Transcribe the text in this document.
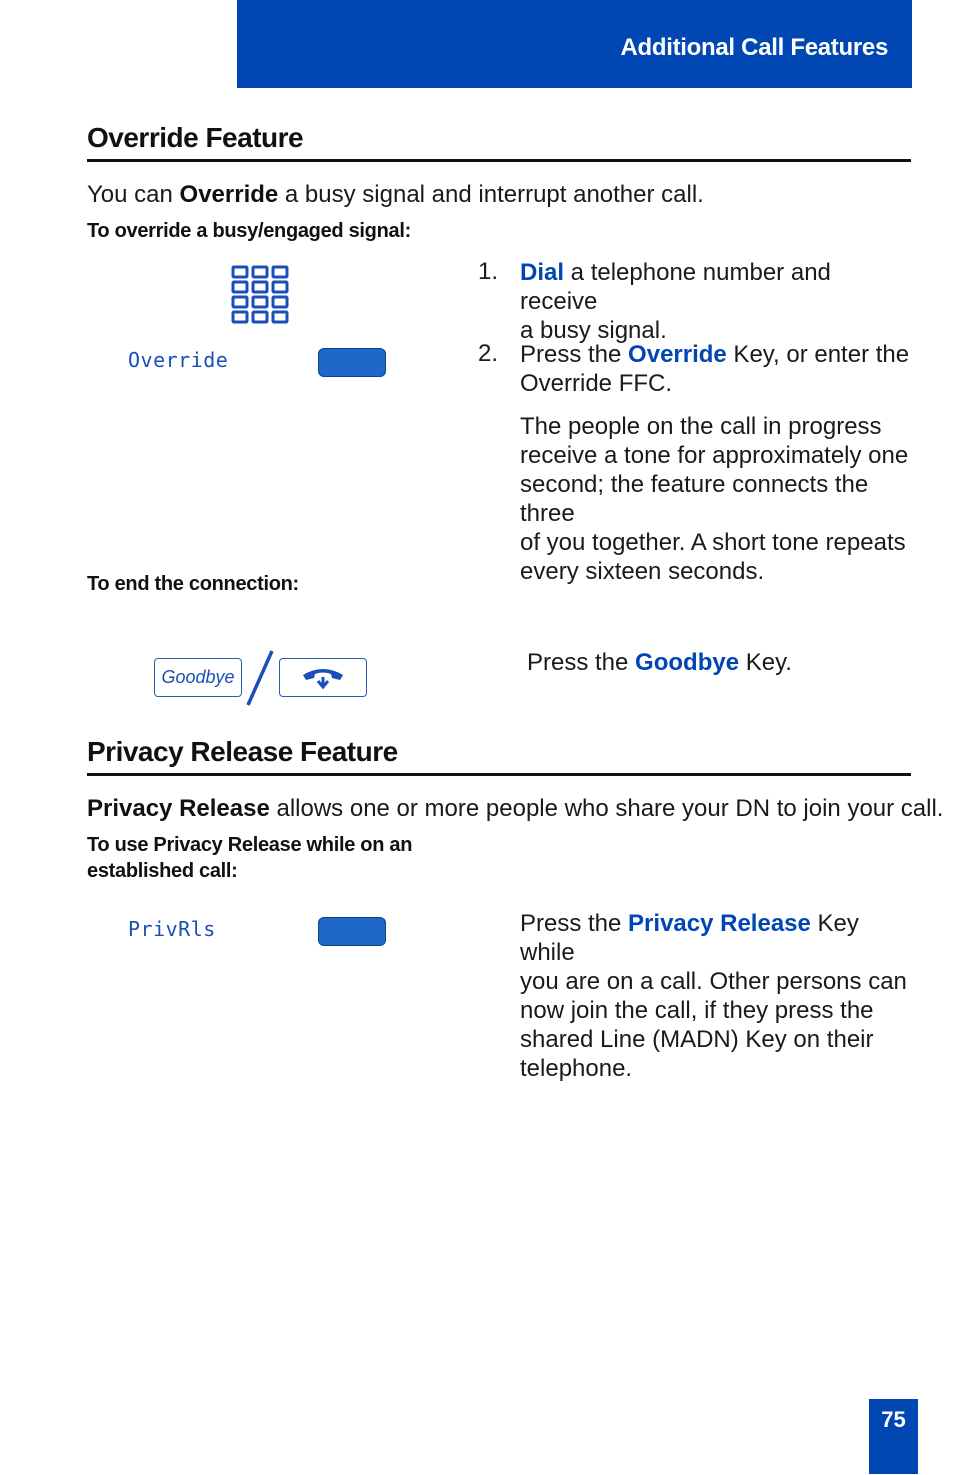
Additional Call Features
Override Feature
You can Override a busy signal and interrupt another call.
To override a busy/engaged signal:
Override
1. Dial a telephone number and receive
a busy signal.
2. Press the Override Key, or enter the
Override FFC.
The people on the call in progress
receive a tone for approximately one
second; the feature connects the three
of you together. A short tone repeats
every sixteen seconds.
To end the connection:
Goodbye
Press the Goodbye Key.
Privacy Release Feature
Privacy Release allows one or more people who share your DN to join your call.
To use Privacy Release while on an
established call:
PrivRls	Press the Privacy Release Key while
you are on a call. Other persons can
now join the call, if they press the
shared Line (MADN) Key on their
telephone.
75
